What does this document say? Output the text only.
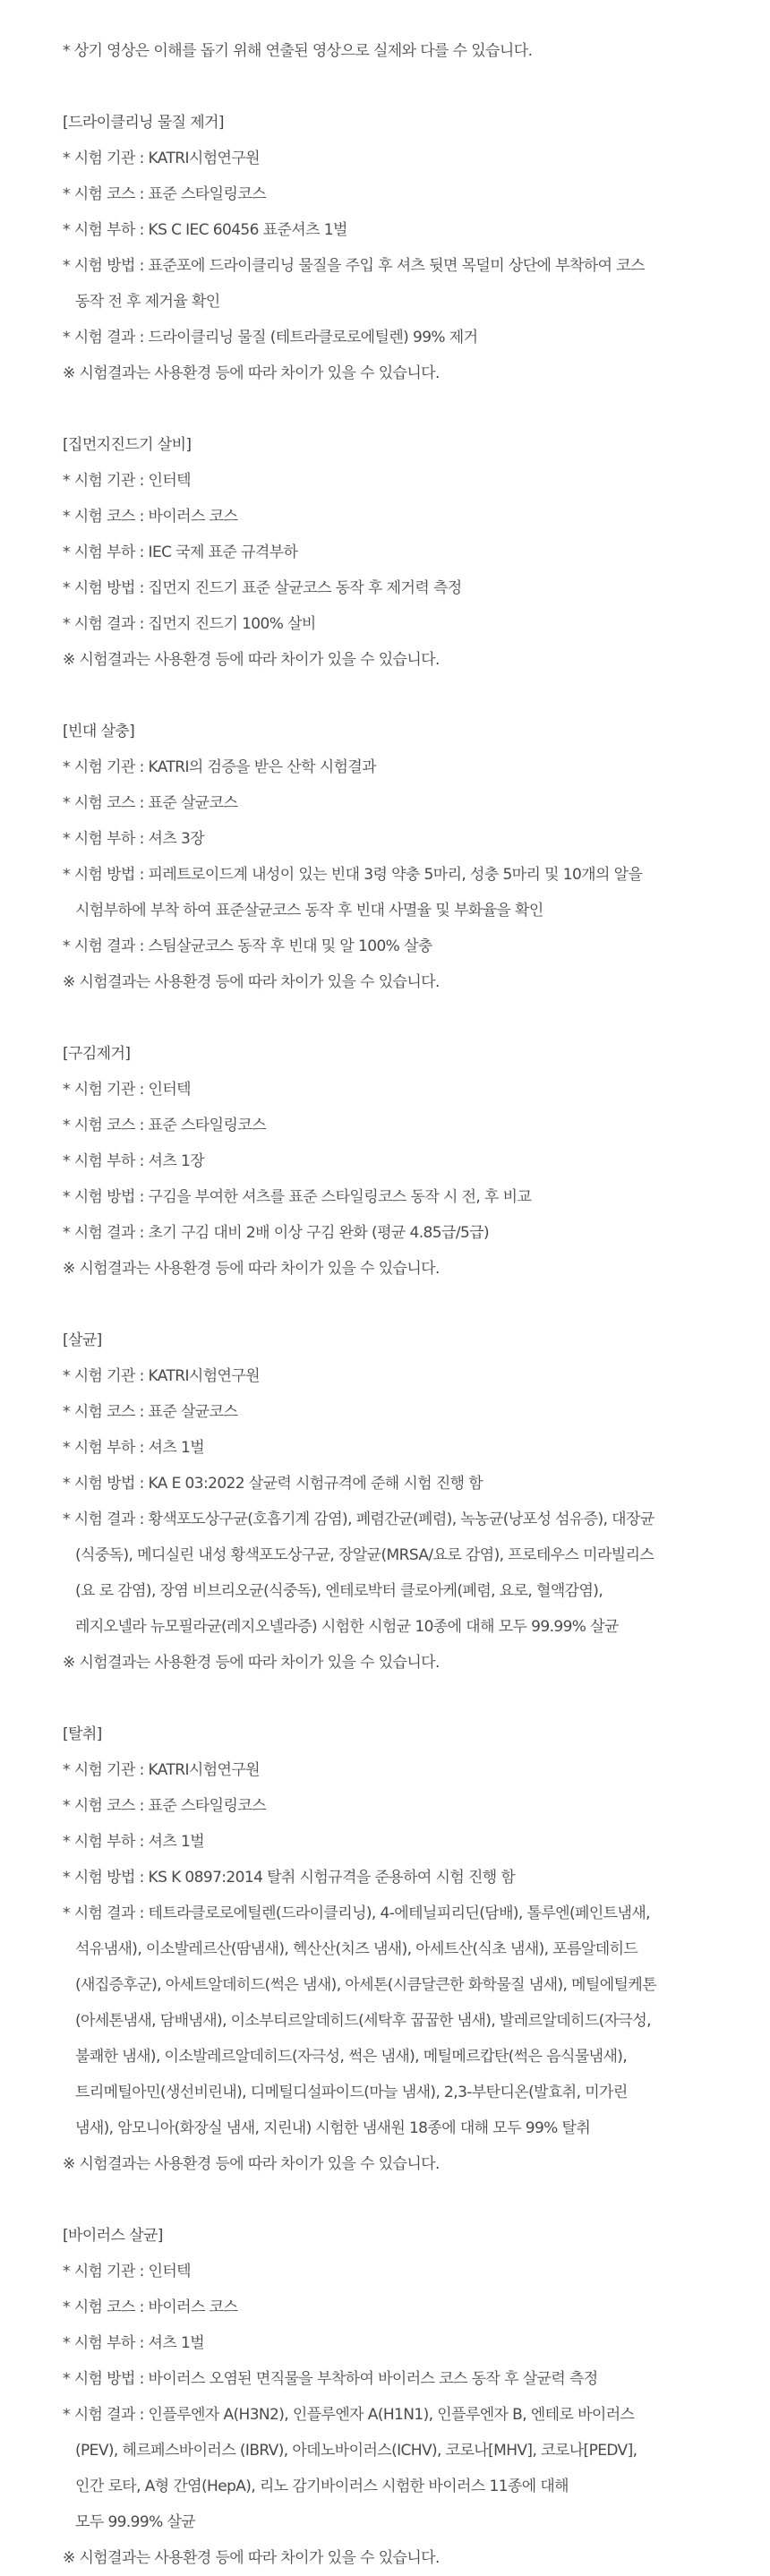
* 상기 영상은 이해를 돕기 위해 연출된 영상으로 실제와 다를 수 있습니다.
[드라이클리닝 물질 제거]
* 시험 기관 : KATRI시험연구원
* 시험 코스 : 표준 스타일링코스
* 시험 부하 : KS C IEC 60456 표준셔츠 1벌
* 시험 방법 : 표준포에 드라이클리닝 물질을 주입 후 셔츠 뒷면 목덜미 상단에 부착하여 코스
동작 전 후 제거율 확인
* 시험 결과 : 드라이클리닝 물질 (테트라클로로에틸렌) 99% 제거
※ 시험결과는 사용환경 등에 따라 차이가 있을 수 있습니다.
[집먼지진드기 살비]
* 시험 기관 : 인터텍
* 시험 코스 : 바이러스 코스
* 시험 부하 : IEC 국제 표준 규격부하
* 시험 방법 : 집먼지 진드기 표준 살균코스 동작 후 제거력 측정
* 시험 결과 : 집먼지 진드기 100% 살비
※ 시험결과는 사용환경 등에 따라 차이가 있을 수 있습니다.
[빈대 살충]
* 시험 기관 : KATRI의 검증을 받은 산학 시험결과
* 시험 코스 : 표준 살균코스
* 시험 부하 : 셔츠 3장
* 시험 방법 : 피레트로이드계 내성이 있는 빈대 3령 약충 5마리, 성충 5마리 및 10개의 알을
시험부하에 부착 하여 표준살균코스 동작 후 빈대 사멸율 및 부화율을 확인
* 시험 결과 : 스팀살균코스 동작 후 빈대 및 알 100% 살충
※ 시험결과는 사용환경 등에 따라 차이가 있을 수 있습니다.
[구김제거]
* 시험 기관 : 인터텍
* 시험 코스 : 표준 스타일링코스
* 시험 부하 : 셔츠 1장
* 시험 방법 : 구김을 부여한 셔츠를 표준 스타일링코스 동작 시 전, 후 비교
* 시험 결과 : 초기 구김 대비 2배 이상 구김 완화 (평균 4.85급/5급)
※ 시험결과는 사용환경 등에 따라 차이가 있을 수 있습니다.
[살균]
* 시험 기관 : KATRI시험연구원
* 시험 코스 : 표준 살균코스
* 시험 부하 : 셔츠 1벌
* 시험 방법 : KA E 03:2022 살균력 시험규격에 준해 시험 진행 함
* 시험 결과 : 황색포도상구균(호흡기계 감염), 폐렴간균(폐렴), 녹농균(낭포성 섬유증), 대장균
(식중독), 메디실린 내성 황색포도상구균, 장알균(MRSA/요로 감염), 프로테우스 미라빌리스
(요 로 감염), 장염 비브리오균(식중독), 엔테로박터 클로아케(폐렴, 요로, 혈액감염),
레지오넬라 뉴모필라균(레지오넬라증) 시험한 시험균 10종에 대해 모두 99.99% 살균
※ 시험결과는 사용환경 등에 따라 차이가 있을 수 있습니다.
[탈취]
* 시험 기관 : KATRI시험연구원
* 시험 코스 : 표준 스타일링코스
* 시험 부하 : 셔츠 1벌
* 시험 방법 : KS K 0897:2014 탈취 시험규격을 준용하여 시험 진행 함
* 시험 결과 : 테트라클로로에틸렌(드라이클리닝), 4-에테닐피리딘(담배), 톨루엔(페인트냄새,
석유냄새), 이소발레르산(땀냄새), 헥산산(치즈 냄새), 아세트산(식초 냄새), 포름알데히드
(새집증후군), 아세트알데히드(썩은 냄새), 아세톤(시큼달큰한 화학물질 냄새), 메틸에틸케톤
(아세톤냄새, 담배냄새), 이소부티르알데히드(세탁후 꿉꿉한 냄새), 발레르알데히드(자극성,
불쾌한 냄새), 이소발레르알데히드(자극성, 썩은 냄새), 메틸메르캅탄(썩은 음식물냄새),
트리메틸아민(생선비린내), 디메틸디설파이드(마늘 냄새), 2,3-부탄디온(발효취, 미가린
냄새), 암모니아(화장실 냄새, 지린내) 시험한 냄새원 18종에 대해 모두 99% 탈취
※ 시험결과는 사용환경 등에 따라 차이가 있을 수 있습니다.
[바이러스 살균]
* 시험 기관 : 인터텍
* 시험 코스 : 바이러스 코스
* 시험 부하 : 셔츠 1벌
* 시험 방법 : 바이러스 오염된 면직물을 부착하여 바이러스 코스 동작 후 살균력 측정
* 시험 결과 : 인플루엔자 A(H3N2), 인플루엔자 A(H1N1), 인플루엔자 B, 엔테로 바이러스
(PEV), 헤르페스바이러스 (IBRV), 아데노바이러스(ICHV), 코로나[MHV], 코로나[PEDV],
인간 로타, A형 간염(HepA), 리노 감기바이러스 시험한 바이러스 11종에 대해
모두 99.99% 살균
※ 시험결과는 사용환경 등에 따라 차이가 있을 수 있습니다.
